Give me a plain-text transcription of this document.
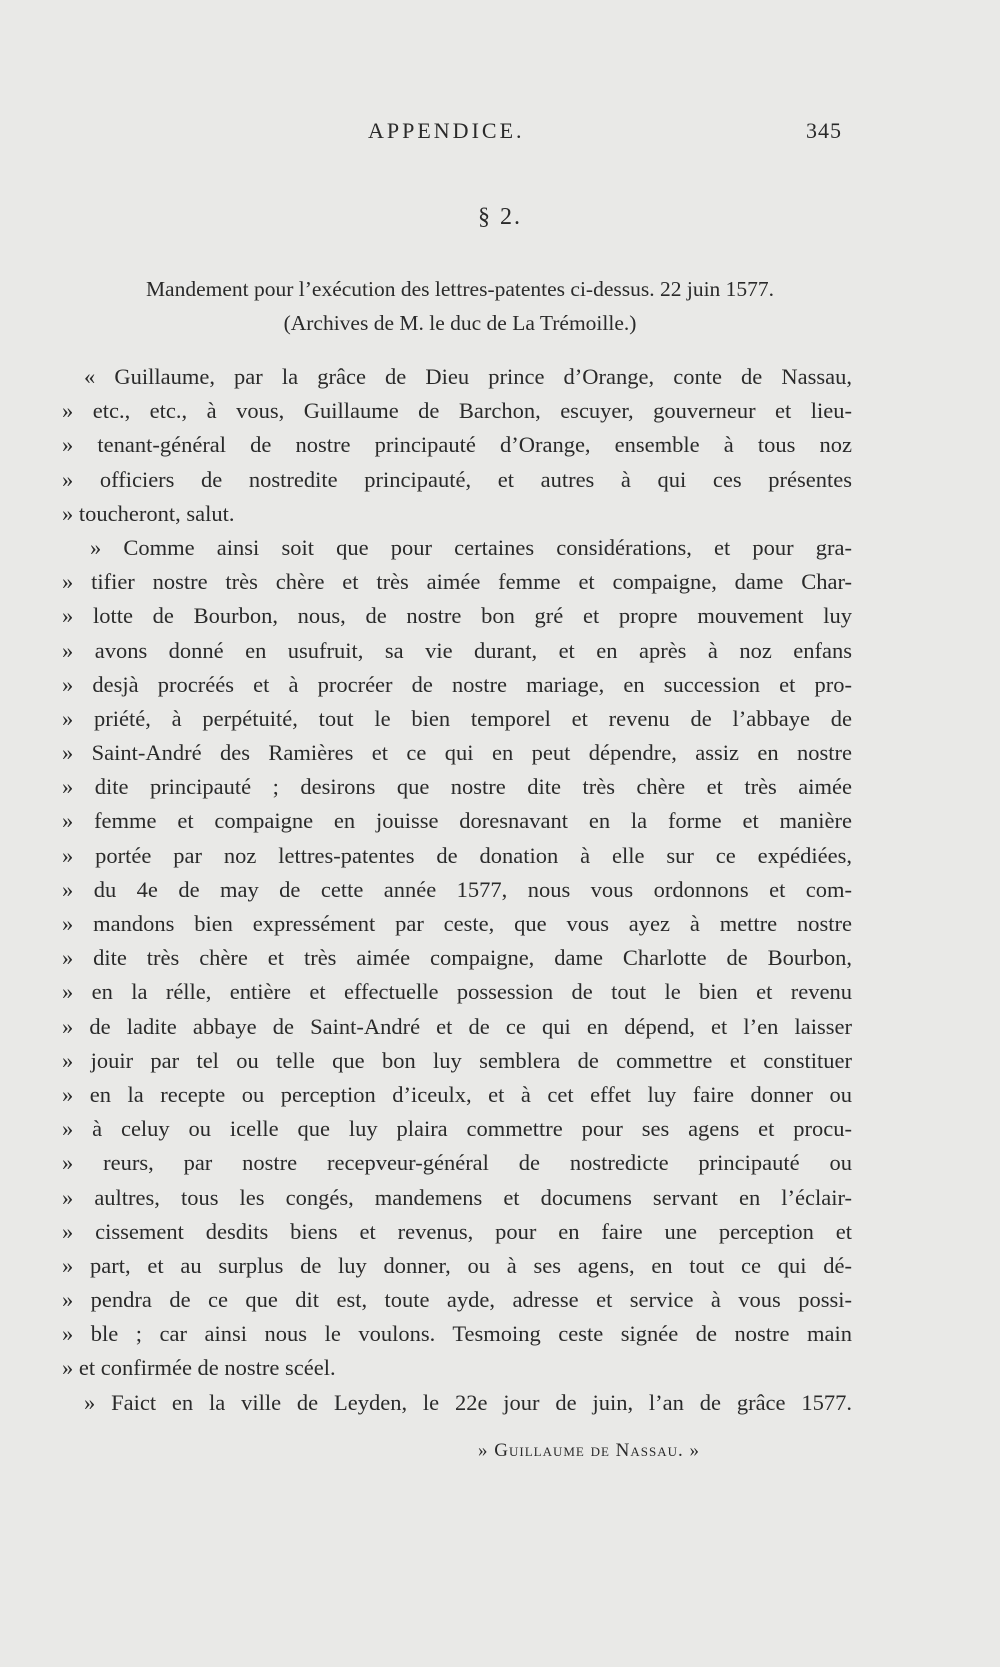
APPENDICE.	345
§ 2.
Mandement pour l’exécution des lettres-patentes ci-dessus. 22 juin 1577.
(Archives de M. le duc de La Trémoille.)
« Guillaume, par la grâce de Dieu prince d’Orange, conte de Nassau,
» etc., etc., à vous, Guillaume de Barchon, escuyer, gouverneur et lieu-
» tenant-général de nostre principauté d’Orange, ensemble à tous noz
» officiers de nostredite principauté, et autres à qui ces présentes
» toucheront, salut.
» Comme ainsi soit que pour certaines considérations, et pour gra-
» tifier nostre très chère et très aimée femme et compaigne, dame Char-
» lotte de Bourbon, nous, de nostre bon gré et propre mouvement luy
» avons donné en usufruit, sa vie durant, et en après à noz enfans
» desjà procréés et à procréer de nostre mariage, en succession et pro-
» priété, à perpétuité, tout le bien temporel et revenu de l’abbaye de
» Saint-André des Ramières et ce qui en peut dépendre, assiz en nostre
» dite principauté ; desirons que nostre dite très chère et très aimée
» femme et compaigne en jouisse doresnavant en la forme et manière
» portée par noz lettres-patentes de donation à elle sur ce expédiées,
» du 4e de may de cette année 1577, nous vous ordonnons et com-
» mandons bien expressément par ceste, que vous ayez à mettre nostre
» dite très chère et très aimée compaigne, dame Charlotte de Bourbon,
» en la rélle, entière et effectuelle possession de tout le bien et revenu
» de ladite abbaye de Saint-André et de ce qui en dépend, et l’en laisser
» jouir par tel ou telle que bon luy semblera de commettre et constituer
» en la recepte ou perception d’iceulx, et à cet effet luy faire donner ou
» à celuy ou icelle que luy plaira commettre pour ses agens et procu-
» reurs, par nostre recepveur-général de nostredicte principauté ou
» aultres, tous les congés, mandemens et documens servant en l’éclair-
» cissement desdits biens et revenus, pour en faire une perception et
» part, et au surplus de luy donner, ou à ses agens, en tout ce qui dé-
» pendra de ce que dit est, toute ayde, adresse et service à vous possi-
» ble ; car ainsi nous le voulons. Tesmoing ceste signée de nostre main
» et confirmée de nostre scéel.
» Faict en la ville de Leyden, le 22e jour de juin, l’an de grâce 1577.
» Guillaume de Nassau. »
